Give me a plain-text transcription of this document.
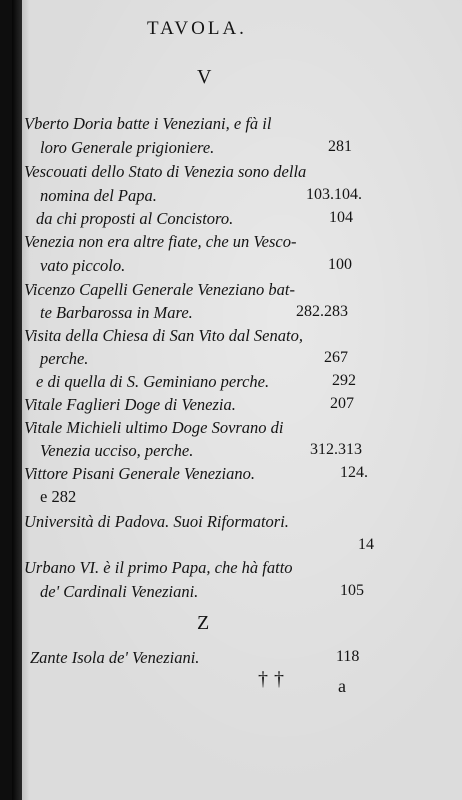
TAVOLA.
V
Vberto Doria batte i Veneziani, e fà il
loro Generale prigioniere.	281
Vescouati dello Stato di Venezia sono della
nomina del Papa.	103.104.
da chi proposti al Concistoro.	104
Venezia non era altre fiate, che un Vesco-
vato piccolo.	100
Vicenzo Capelli Generale Veneziano bat-
te Barbarossa in Mare.	282.283
Visita della Chiesa di San Vito dal Senato,
perche.	267
e di quella di S. Geminiano perche.	292
Vitale Faglieri Doge di Venezia.	207
Vitale Michieli ultimo Doge Sovrano di
Venezia ucciso, perche.	312.313
Vittore Pisani Generale Veneziano.	124.
e 282
Università di Padova. Suoi Riformatori.
14
Urbano VI. è il primo Papa, che hà fatto
de' Cardinali Veneziani.	105
Z
Zante Isola de' Veneziani.	118
††	a
